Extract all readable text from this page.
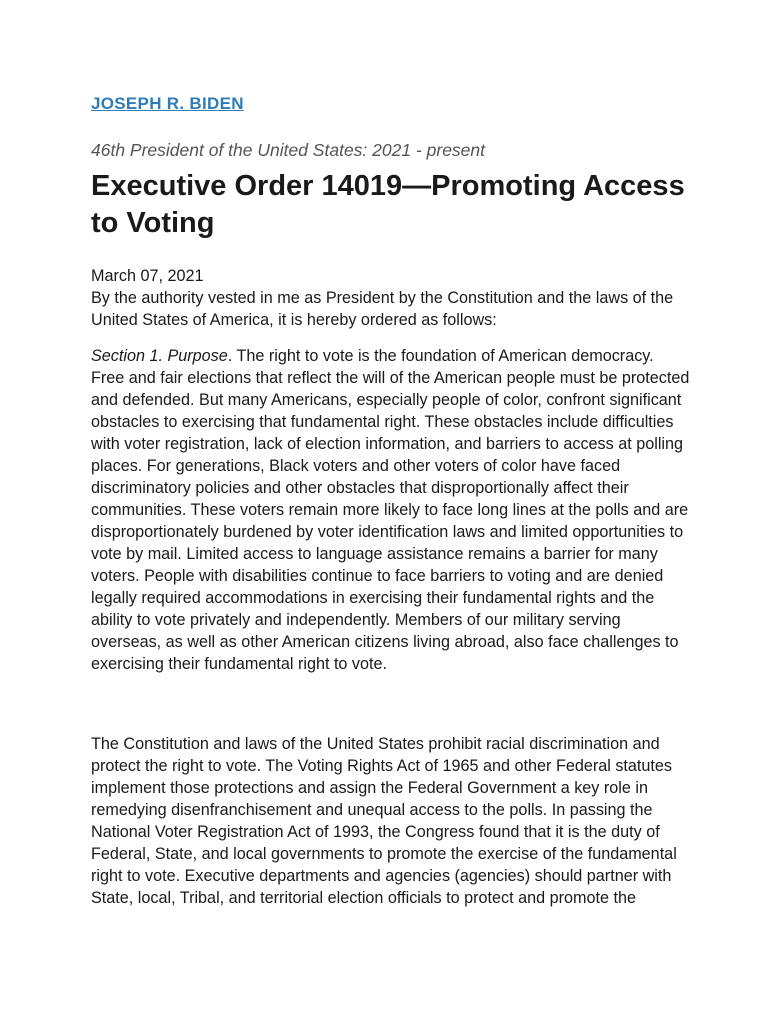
JOSEPH R. BIDEN
46th President of the United States: 2021 - present
Executive Order 14019—Promoting Access to Voting
March 07, 2021

By the authority vested in me as President by the Constitution and the laws of the United States of America, it is hereby ordered as follows:

Section 1. Purpose. The right to vote is the foundation of American democracy. Free and fair elections that reflect the will of the American people must be protected and defended. But many Americans, especially people of color, confront significant obstacles to exercising that fundamental right. These obstacles include difficulties with voter registration, lack of election information, and barriers to access at polling places. For generations, Black voters and other voters of color have faced discriminatory policies and other obstacles that disproportionally affect their communities. These voters remain more likely to face long lines at the polls and are disproportionately burdened by voter identification laws and limited opportunities to vote by mail. Limited access to language assistance remains a barrier for many voters. People with disabilities continue to face barriers to voting and are denied legally required accommodations in exercising their fundamental rights and the ability to vote privately and independently. Members of our military serving overseas, as well as other American citizens living abroad, also face challenges to exercising their fundamental right to vote.

The Constitution and laws of the United States prohibit racial discrimination and protect the right to vote. The Voting Rights Act of 1965 and other Federal statutes implement those protections and assign the Federal Government a key role in remedying disenfranchisement and unequal access to the polls. In passing the National Voter Registration Act of 1993, the Congress found that it is the duty of Federal, State, and local governments to promote the exercise of the fundamental right to vote. Executive departments and agencies (agencies) should partner with State, local, Tribal, and territorial election officials to protect and promote the
